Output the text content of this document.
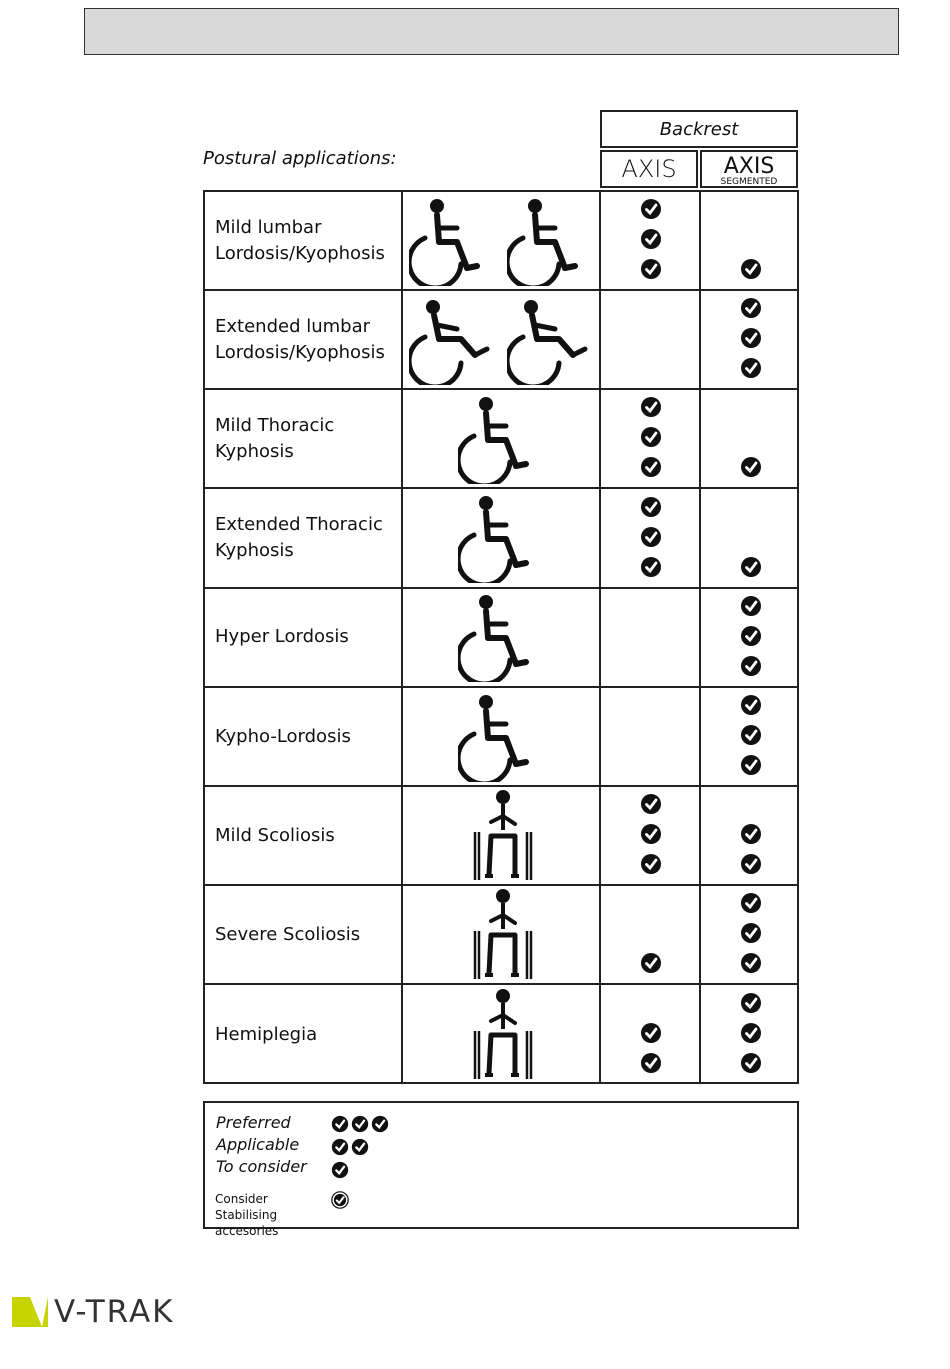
Postural applications:
Backrest
AXIS AXIS
SEGMENTED
Mild lumbar
Lordosis/Kyophosis
Extended lumbar
Lordosis/Kyophosis
Mild Thoracic
Kyphosis
Extended Thoracic
Kyphosis
Hyper Lordosis
Kypho-Lordosis
Mild Scoliosis
Severe Scoliosis
Hemiplegia
Preferred
Applicable
To consider
Consider Stabilising
accesories
V-TRAK
